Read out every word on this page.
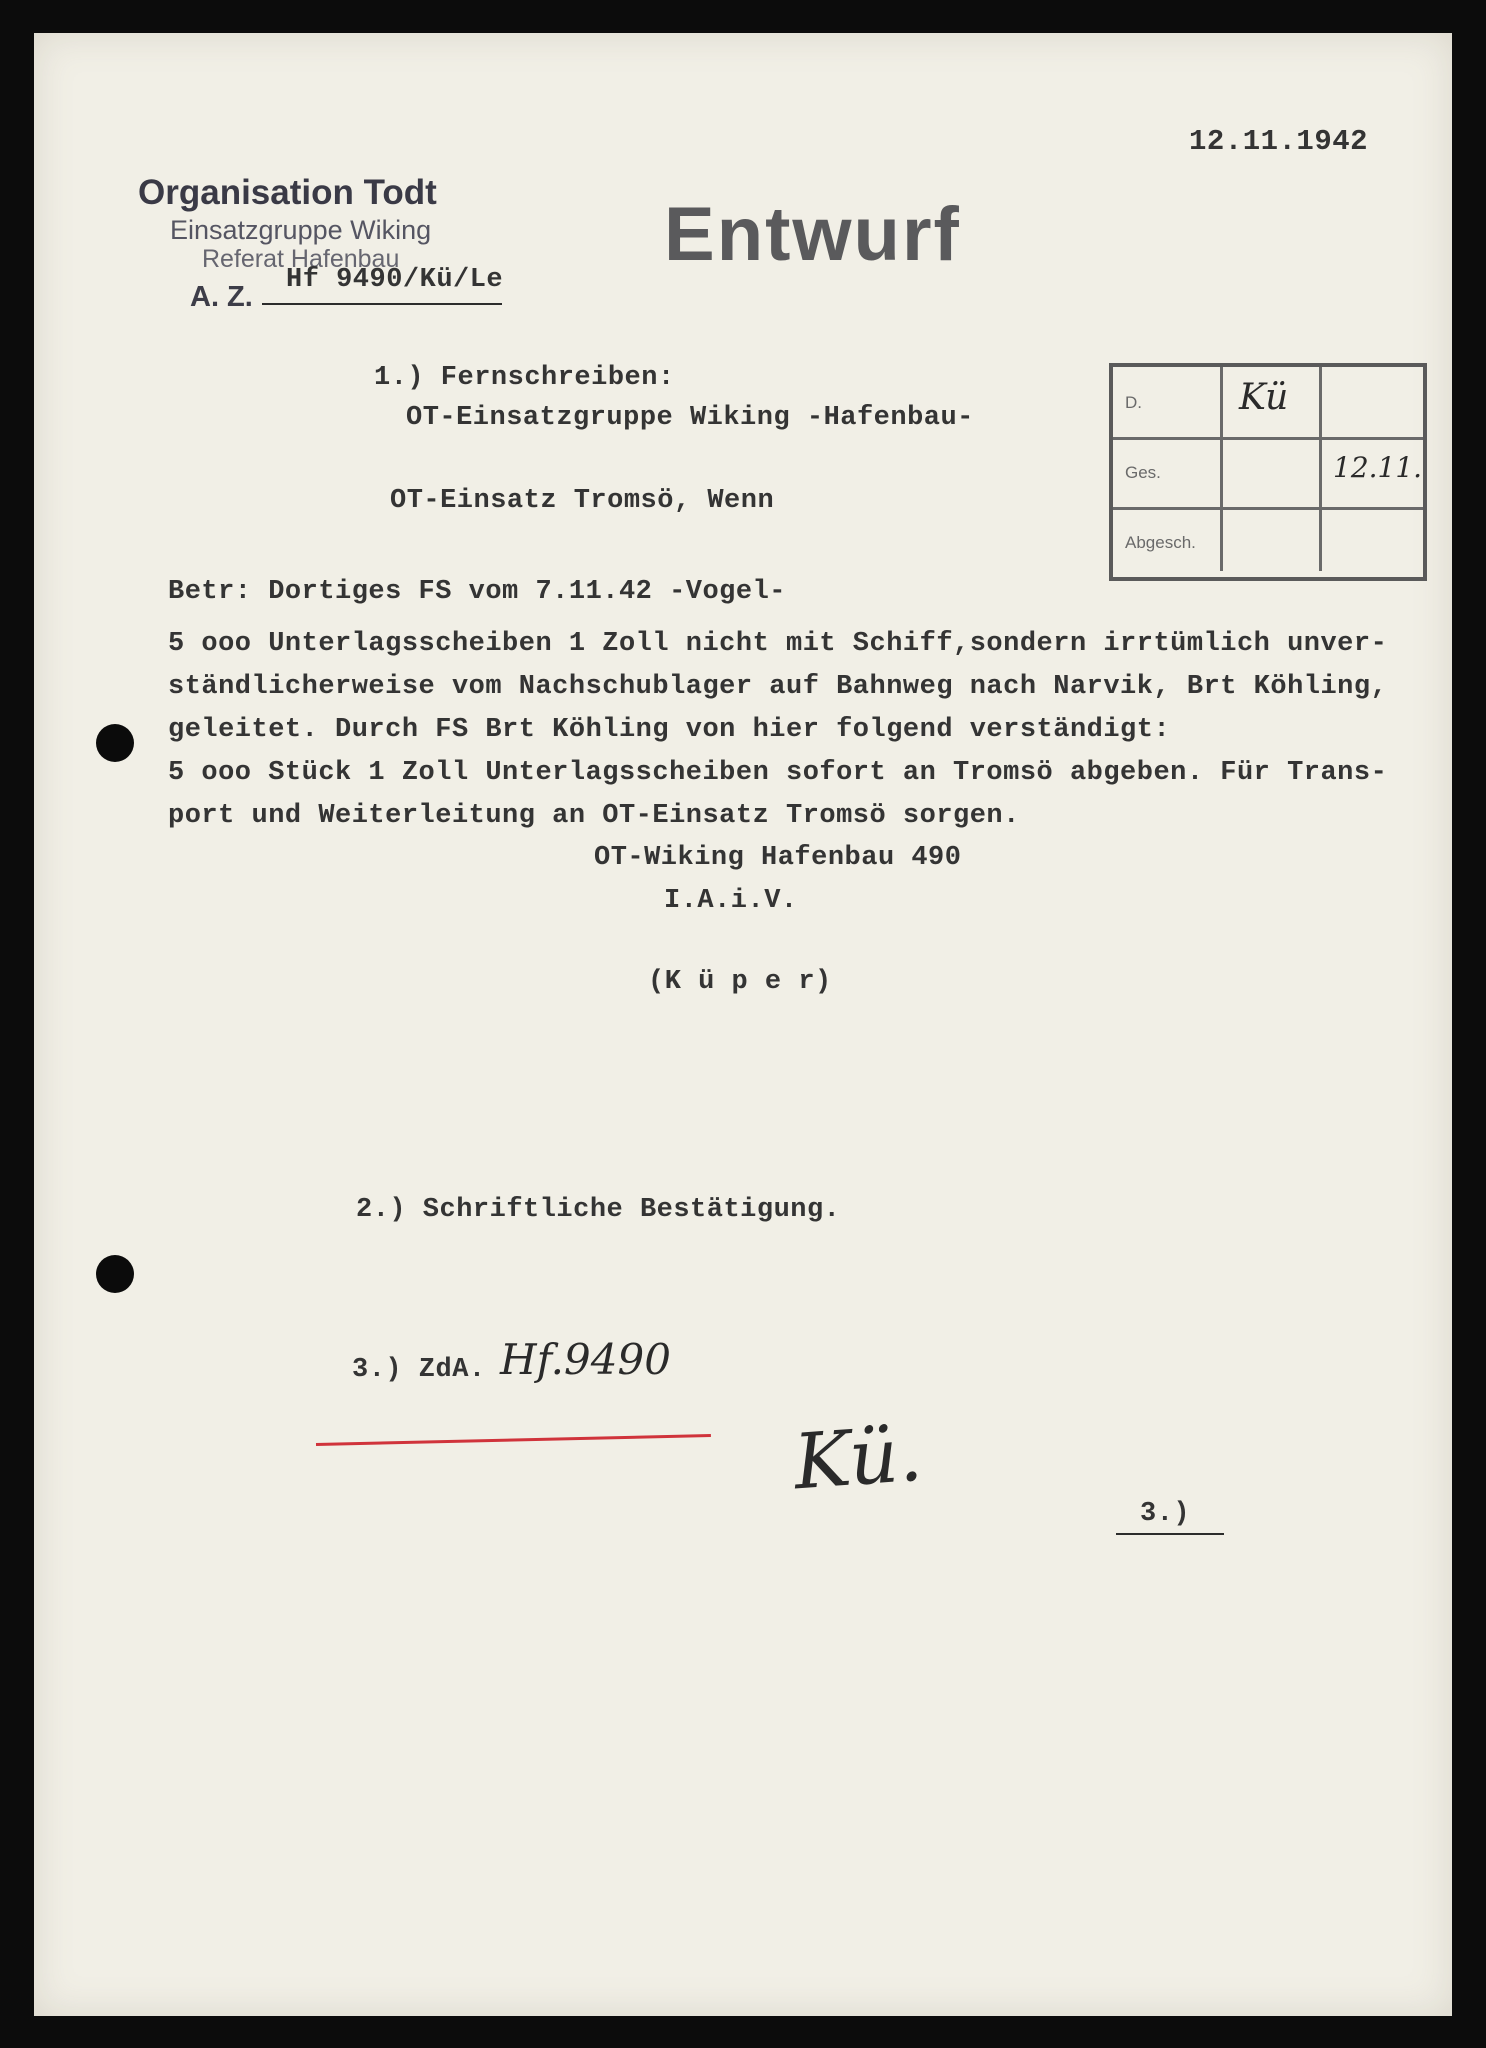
12.11.1942
Organisation Todt
Einsatzgruppe Wiking
Referat Hafenbau
A. Z.
Hf 9490/Kü/Le
Entwurf
D.	Kü
Ges.	12.11.
Abgesch.
1.) Fernschreiben:
OT-Einsatzgruppe Wiking -Hafenbau-
OT-Einsatz Tromsö, Wenn
Betr: Dortiges FS vom 7.11.42 -Vogel-
5 ooo Unterlagsscheiben 1 Zoll nicht mit Schiff,sondern irrtümlich unver-
ständlicherweise vom Nachschublager auf Bahnweg nach Narvik, Brt Köhling,
geleitet. Durch FS Brt Köhling von hier folgend verständigt:
5 ooo Stück 1 Zoll Unterlagsscheiben sofort an Tromsö abgeben. Für Trans-
port und Weiterleitung an OT-Einsatz Tromsö sorgen.
OT-Wiking Hafenbau 490
I.A.i.V.
(K ü p e r)
2.) Schriftliche Bestätigung.
3.) ZdA. Hf.9490
Kü.
3.)
